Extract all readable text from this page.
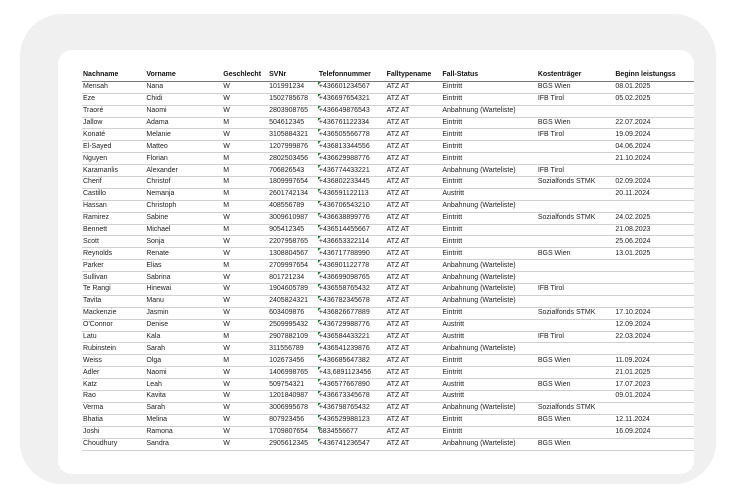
Nachname	Vorname	Geschlecht	SVNr	Telefonnummer	Falltypename	Fall-Status	Kostenträger	Beginn leistungss
Mensah	Nana	W	101991234	+436601234567	ATZ AT	Eintritt	BGS Wien	08.01.2025
Eze	Chidi	W	1502785678	+436697654321	ATZ AT	Eintritt	IFB Tirol	05.02.2025
Traoré	Naomi	W	2803908765	+436649876543	ATZ AT	Anbahnung (Warteliste)		
Jallow	Adama	M	504612345	+436761122334	ATZ AT	Eintritt	BGS Wien	22.07.2024
Konaté	Melanie	W	3105884321	+436505566778	ATZ AT	Eintritt	IFB Tirol	19.09.2024
El-Sayed	Matteo	W	1207999876	+436813344556	ATZ AT	Eintritt		04.06.2024
Nguyen	Florian	M	2802503456	+436629988776	ATZ AT	Eintritt		21.10.2024
Karamanlis	Alexander	M	706826543	+436774433221	ATZ AT	Anbahnung (Warteliste)	IFB Tirol	
Cherif	Christof	M	1809997654	+436802233445	ATZ AT	Eintritt	Sozialfonds STMK	02.09.2024
Castillo	Nemanja	M	2601742134	+436591122113	ATZ AT	Austritt		20.11.2024
Hassan	Christoph	M	408556789	+436706543210	ATZ AT	Anbahnung (Warteliste)		
Ramirez	Sabine	W	3009610987	+436638899776	ATZ AT	Eintritt	Sozialfonds STMK	24.02.2025
Bennett	Michael	M	905412345	+436514455667	ATZ AT	Eintritt		21.08.2023
Scott	Sonja	W	2207958765	+436653322114	ATZ AT	Eintritt		25.06.2024
Reynolds	Renate	W	1308804567	+436717788990	ATZ AT	Eintritt	BGS Wien	13.01.2025
Parker	Elias	M	2709997654	+436901122778	ATZ AT	Anbahnung (Warteliste)		
Sullivan	Sabrina	W	801721234	+436699098765	ATZ AT	Anbahnung (Warteliste)		
Te Rangi	Hinewai	W	1904605789	+436558765432	ATZ AT	Anbahnung (Warteliste)	IFB Tirol	
Tavita	Manu	W	2405824321	+436782345678	ATZ AT	Anbahnung (Warteliste)		
Mackenzie	Jasmin	W	603409876	+436826677889	ATZ AT	Eintritt	Sozialfonds STMK	17.10.2024
O'Connor	Denise	W	2509995432	+436729988776	ATZ AT	Austritt		12.09.2024
Latu	Kala	M	2907882109	+436584433221	ATZ AT	Austritt	IFB Tirol	22.03.2024
Rubinstein	Sarah	W	311556789	+436541239876	ATZ AT	Anbahnung (Warteliste)		
Weiss	Olga	M	102673456	+436685647382	ATZ AT	Eintritt	BGS Wien	11.09.2024
Adler	Naomi	W	1406998765	+43,6891123456	ATZ AT	Eintritt		21.01.2025
Katz	Leah	W	509754321	+436577667890	ATZ AT	Austritt	BGS Wien	17.07.2023
Rao	Kavita	W	1201840987	+436673345678	ATZ AT	Austritt		09.01.2024
Verma	Sarah	W	3006995678	+436798765432	ATZ AT	Anbahnung (Warteliste)	Sozialfonds STMK	
Bhatia	Melina	W	807923456	+436529988123	ATZ AT	Eintritt	BGS Wien	12.11.2024
Joshi	Ramona	W	1709807654	6834556677	ATZ AT	Eintritt		16.09.2024
Choudhury	Sandra	W	2905612345	+436741236547	ATZ AT	Anbahnung (Warteliste)	BGS Wien	
